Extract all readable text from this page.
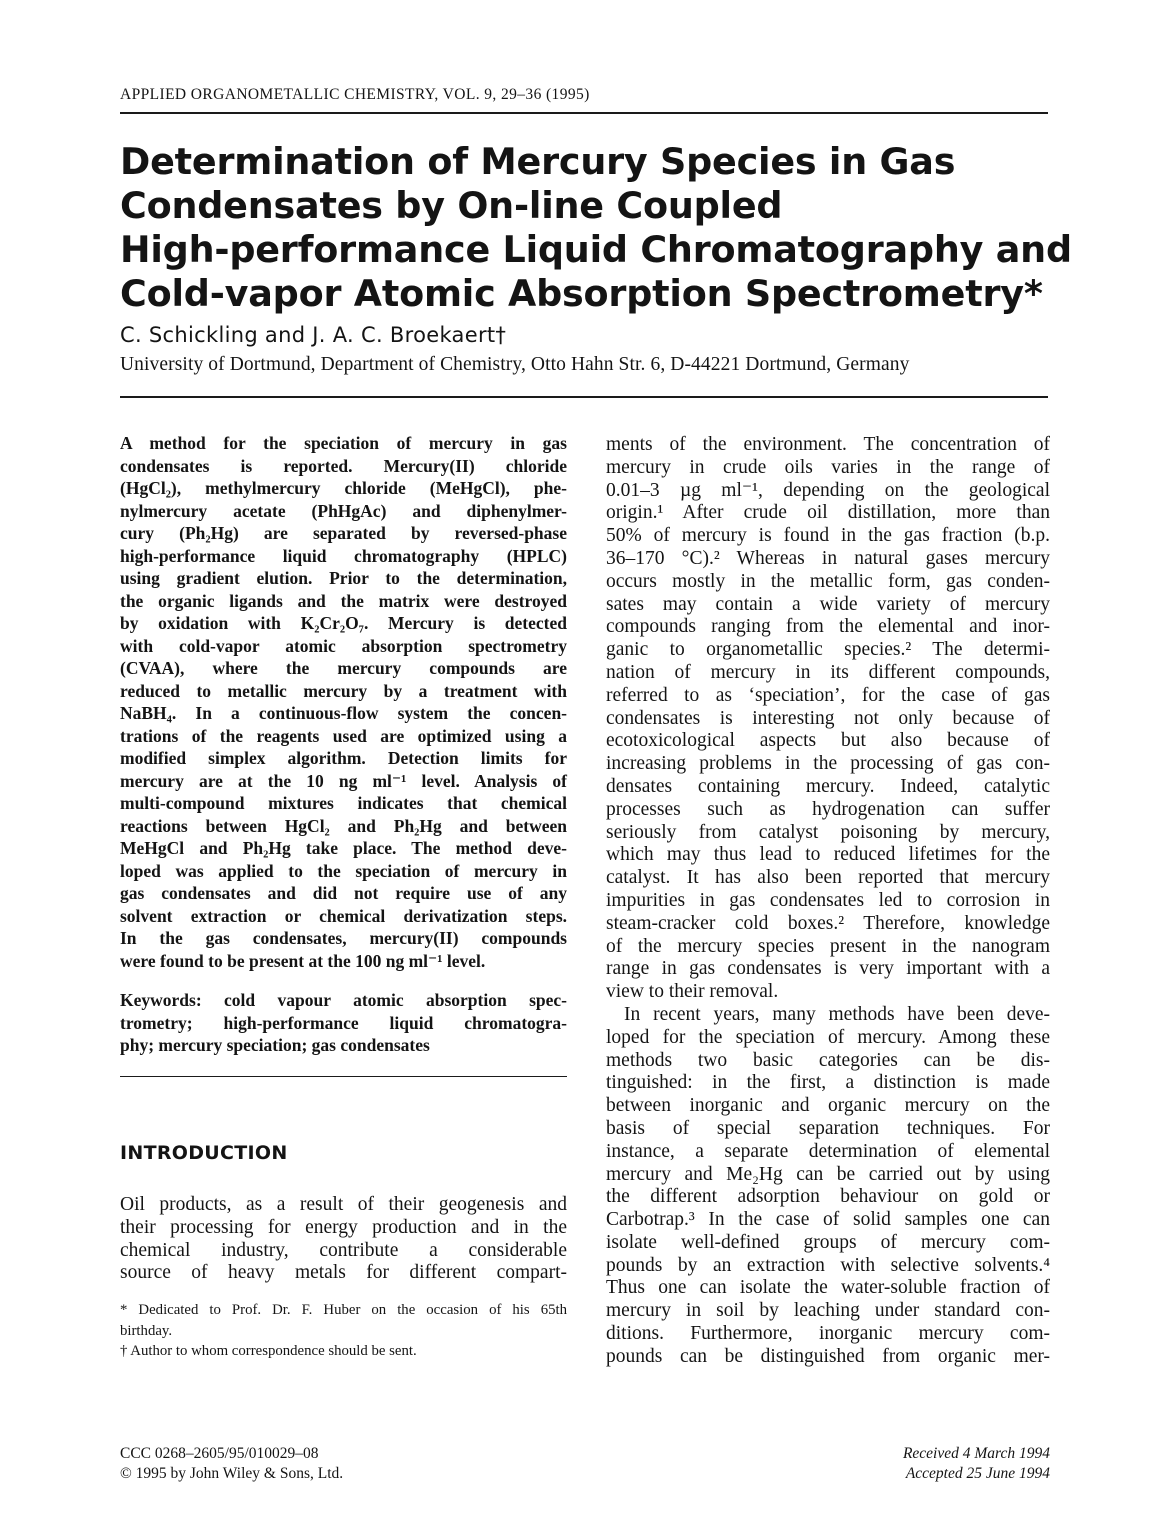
APPLIED ORGANOMETALLIC CHEMISTRY, VOL. 9, 29–36 (1995)
Determination of Mercury Species in Gas
Condensates by On-line Coupled
High-performance Liquid Chromatography and
Cold-vapor Atomic Absorption Spectrometry*
C. Schickling and J. A. C. Broekaert†
University of Dortmund, Department of Chemistry, Otto Hahn Str. 6, D-44221 Dortmund, Germany
A method for the speciation of mercury in gas
condensates is reported. Mercury(II) chloride
(HgCl₂), methylmercury chloride (MeHgCl), phe-
nylmercury acetate (PhHgAc) and diphenylmer-
cury (Ph₂Hg) are separated by reversed-phase
high-performance liquid chromatography (HPLC)
using gradient elution. Prior to the determination,
the organic ligands and the matrix were destroyed
by oxidation with K₂Cr₂O₇. Mercury is detected
with cold-vapor atomic absorption spectrometry
(CVAA), where the mercury compounds are
reduced to metallic mercury by a treatment with
NaBH₄. In a continuous-flow system the concen-
trations of the reagents used are optimized using a
modified simplex algorithm. Detection limits for
mercury are at the 10 ng ml⁻¹ level. Analysis of
multi-compound mixtures indicates that chemical
reactions between HgCl₂ and Ph₂Hg and between
MeHgCl and Ph₂Hg take place. The method deve-
loped was applied to the speciation of mercury in
gas condensates and did not require use of any
solvent extraction or chemical derivatization steps.
In the gas condensates, mercury(II) compounds
were found to be present at the 100 ng ml⁻¹ level.
Keywords: cold vapour atomic absorption spec-
trometry; high-performance liquid chromatogra-
phy; mercury speciation; gas condensates
INTRODUCTION
Oil products, as a result of their geogenesis and
their processing for energy production and in the
chemical industry, contribute a considerable
source of heavy metals for different compart-
* Dedicated to Prof. Dr. F. Huber on the occasion of his 65th
birthday.
† Author to whom correspondence should be sent.
ments of the environment. The concentration of
mercury in crude oils varies in the range of
0.01–3 µg ml⁻¹, depending on the geological
origin.¹ After crude oil distillation, more than
50% of mercury is found in the gas fraction (b.p.
36–170 °C).² Whereas in natural gases mercury
occurs mostly in the metallic form, gas conden-
sates may contain a wide variety of mercury
compounds ranging from the elemental and inor-
ganic to organometallic species.² The determi-
nation of mercury in its different compounds,
referred to as ‘speciation’, for the case of gas
condensates is interesting not only because of
ecotoxicological aspects but also because of
increasing problems in the processing of gas con-
densates containing mercury. Indeed, catalytic
processes such as hydrogenation can suffer
seriously from catalyst poisoning by mercury,
which may thus lead to reduced lifetimes for the
catalyst. It has also been reported that mercury
impurities in gas condensates led to corrosion in
steam-cracker cold boxes.² Therefore, knowledge
of the mercury species present in the nanogram
range in gas condensates is very important with a
view to their removal.
In recent years, many methods have been deve-
loped for the speciation of mercury. Among these
methods two basic categories can be dis-
tinguished: in the first, a distinction is made
between inorganic and organic mercury on the
basis of special separation techniques. For
instance, a separate determination of elemental
mercury and Me₂Hg can be carried out by using
the different adsorption behaviour on gold or
Carbotrap.³ In the case of solid samples one can
isolate well-defined groups of mercury com-
pounds by an extraction with selective solvents.⁴
Thus one can isolate the water-soluble fraction of
mercury in soil by leaching under standard con-
ditions. Furthermore, inorganic mercury com-
pounds can be distinguished from organic mer-
CCC 0268–2605/95/010029–08
© 1995 by John Wiley & Sons, Ltd.
Received 4 March 1994
Accepted 25 June 1994
